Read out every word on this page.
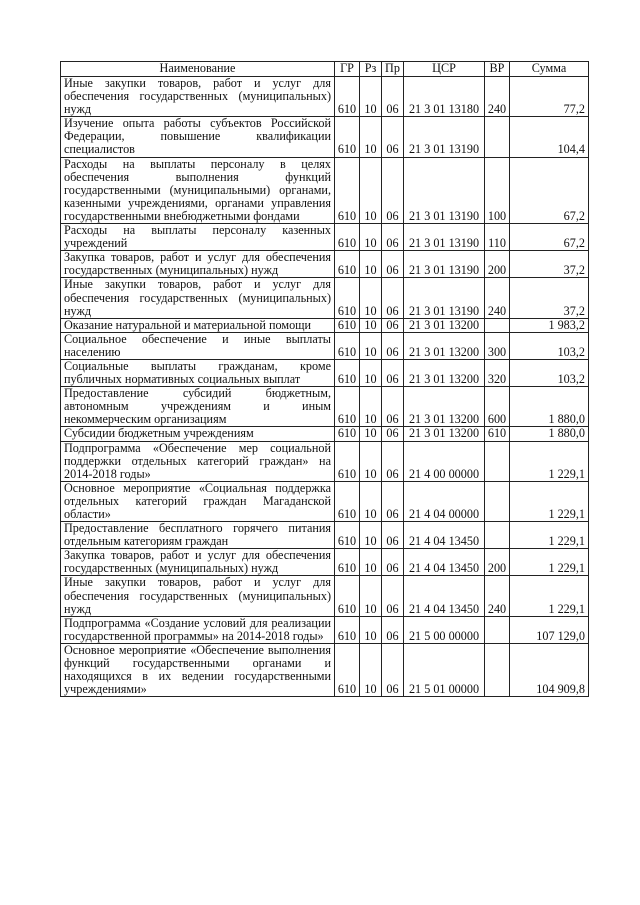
Наименование	ГР	Рз	Пр	ЦСР	ВР	Сумма
Иные закупки товаров, работ и услуг для обеспечения государственных (муниципальных) нужд	610	10	06	21 3 01 13180	240	77,2
Изучение опыта работы субъектов Российской Федерации, повышение квалификации специалистов	610	10	06	21 3 01 13190		104,4
Расходы на выплаты персоналу в целях обеспечения выполнения функций государственными (муниципальными) органами, казенными учреждениями, органами управления государственными внебюджетными фондами	610	10	06	21 3 01 13190	100	67,2
Расходы на выплаты персоналу казенных учреждений	610	10	06	21 3 01 13190	110	67,2
Закупка товаров, работ и услуг для обеспечения государственных (муниципальных) нужд	610	10	06	21 3 01 13190	200	37,2
Иные закупки товаров, работ и услуг для обеспечения государственных (муниципальных) нужд	610	10	06	21 3 01 13190	240	37,2
Оказание натуральной и материальной помощи	610	10	06	21 3 01 13200		1 983,2
Социальное обеспечение и иные выплаты населению	610	10	06	21 3 01 13200	300	103,2
Социальные выплаты гражданам, кроме публичных нормативных социальных выплат	610	10	06	21 3 01 13200	320	103,2
Предоставление субсидий бюджетным, автономным учреждениям и иным некоммерческим организациям	610	10	06	21 3 01 13200	600	1 880,0
Субсидии бюджетным учреждениям	610	10	06	21 3 01 13200	610	1 880,0
Подпрограмма «Обеспечение мер социальной поддержки отдельных категорий граждан» на 2014-2018 годы»	610	10	06	21 4 00 00000		1 229,1
Основное мероприятие «Социальная поддержка отдельных категорий граждан Магаданской области»	610	10	06	21 4 04 00000		1 229,1
Предоставление бесплатного горячего питания отдельным категориям граждан	610	10	06	21 4 04 13450		1 229,1
Закупка товаров, работ и услуг для обеспечения государственных (муниципальных) нужд	610	10	06	21 4 04 13450	200	1 229,1
Иные закупки товаров, работ и услуг для обеспечения государственных (муниципальных) нужд	610	10	06	21 4 04 13450	240	1 229,1
Подпрограмма «Создание условий для реализации государственной программы» на 2014-2018 годы»	610	10	06	21 5 00 00000		107 129,0
Основное мероприятие «Обеспечение выполнения функций государственными органами и находящихся в их ведении государственными учреждениями»	610	10	06	21 5 01 00000		104 909,8
